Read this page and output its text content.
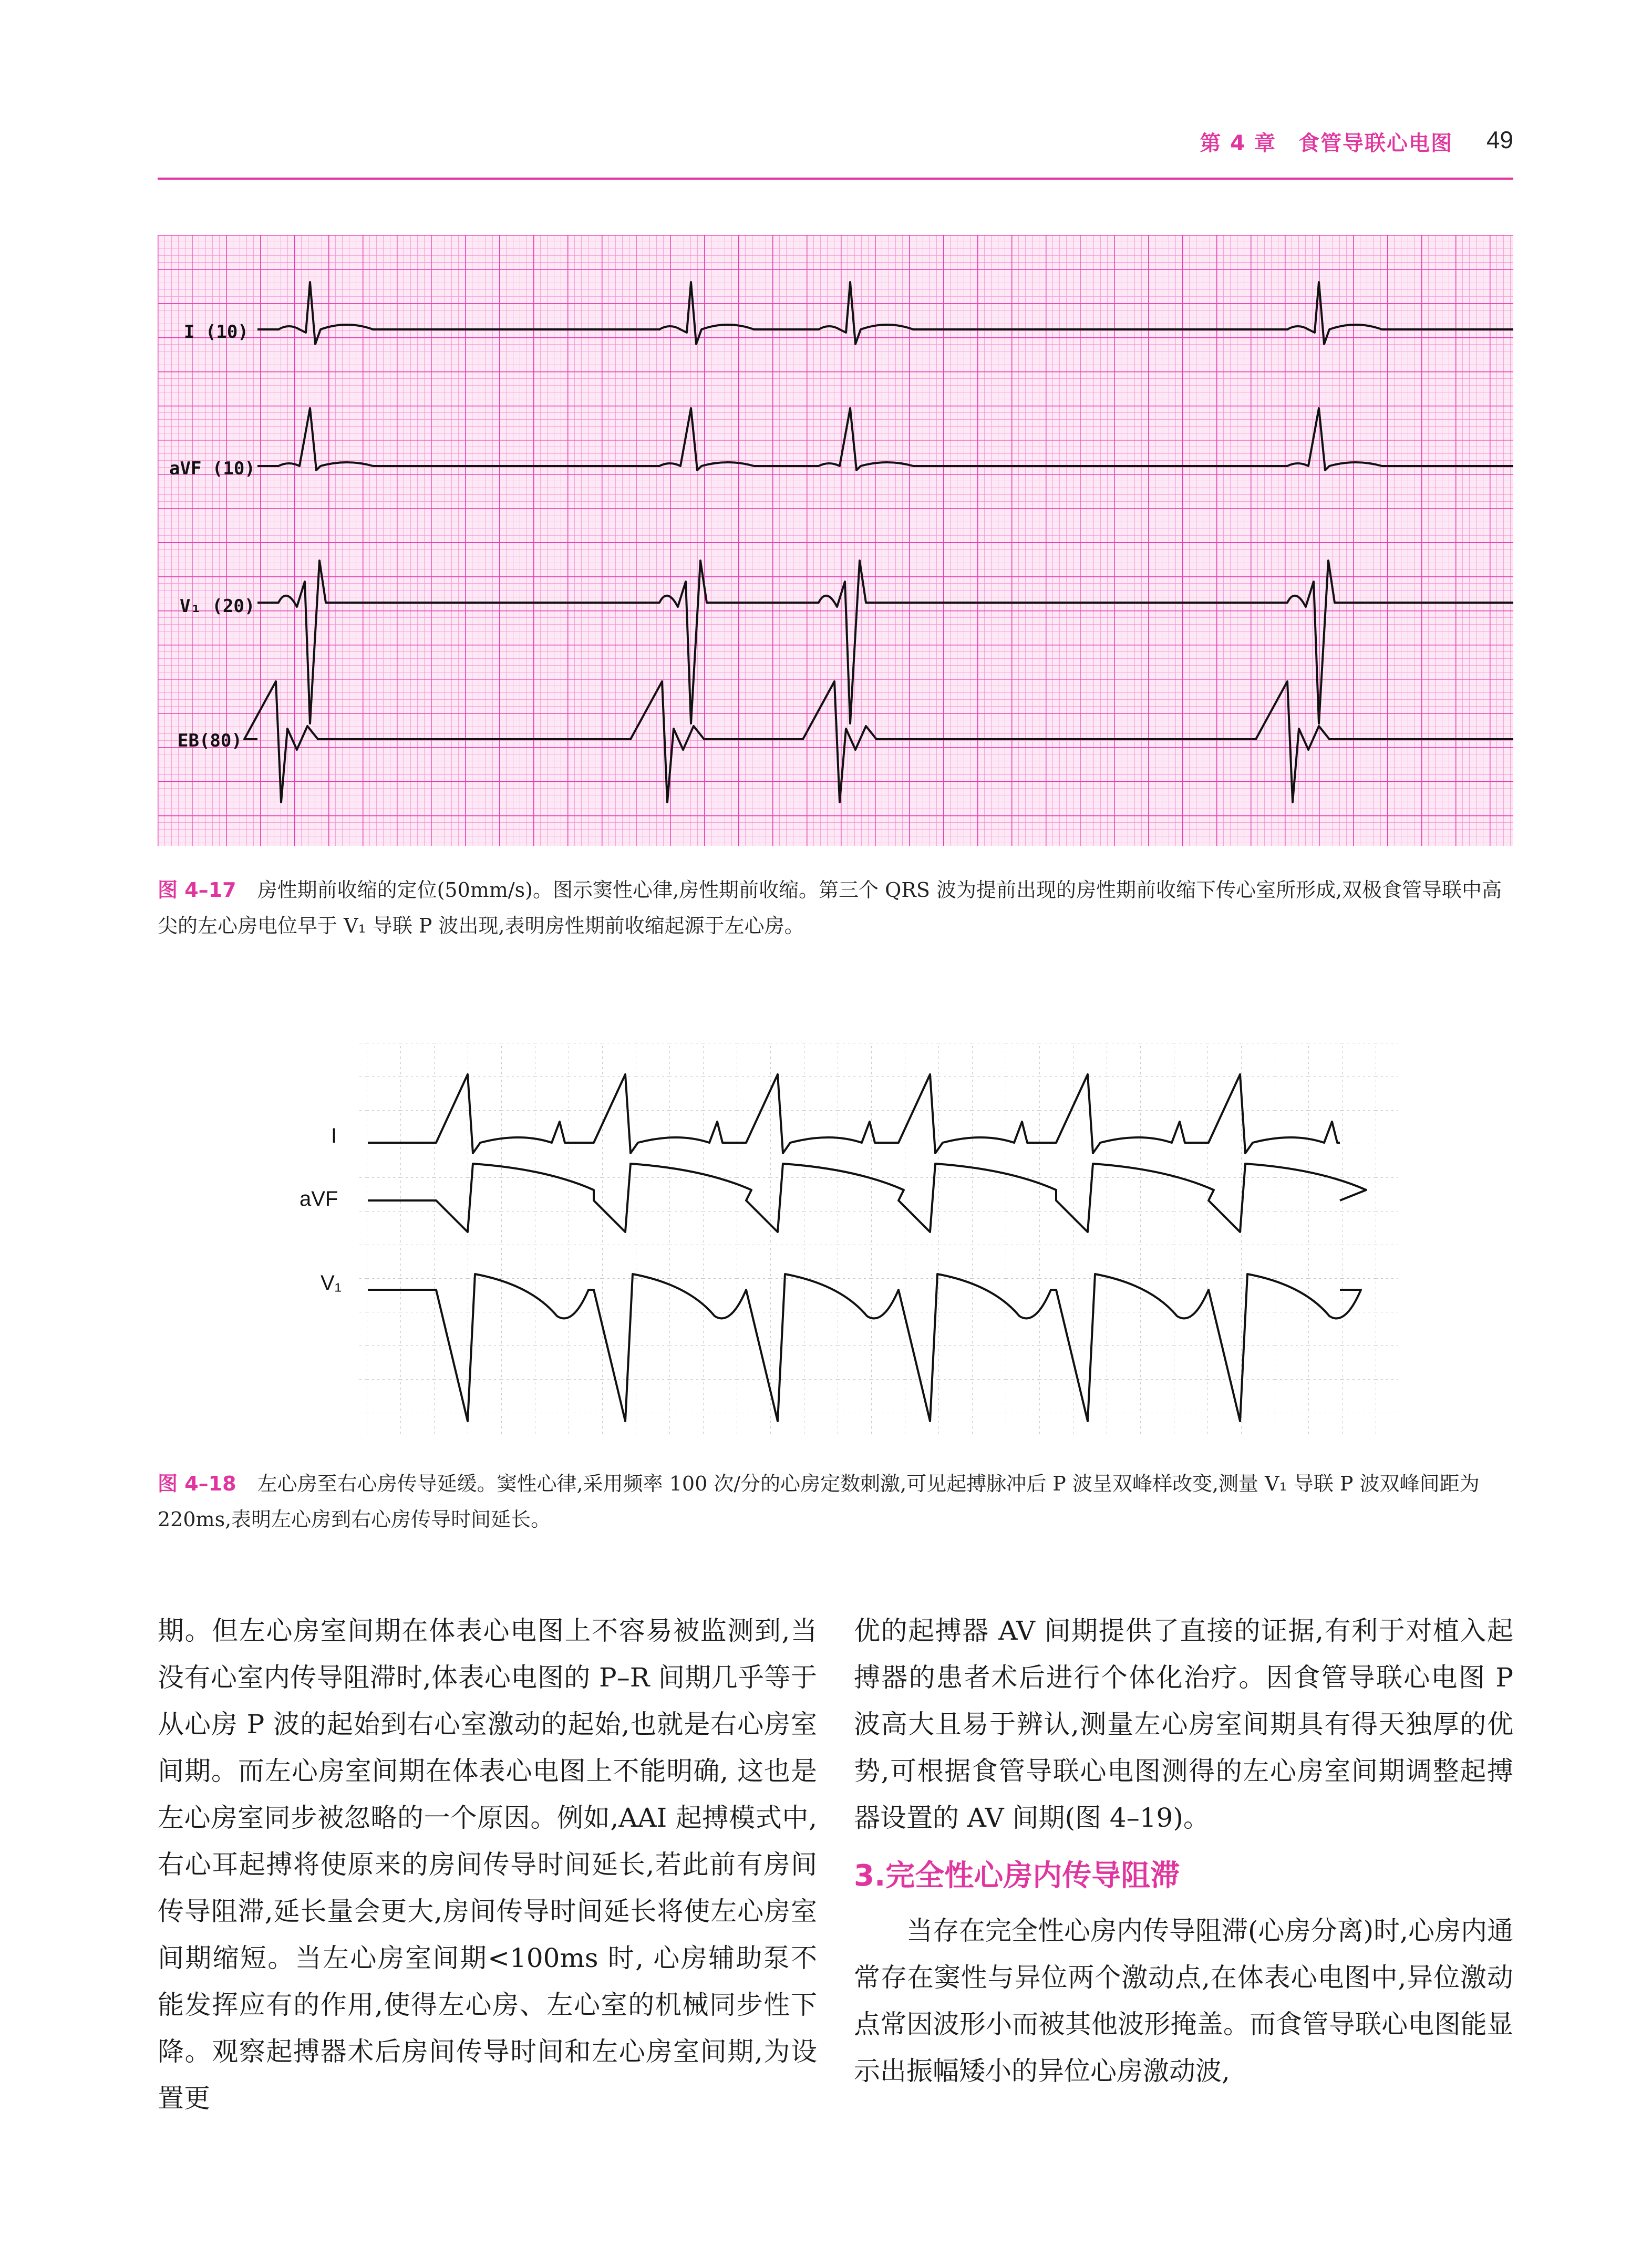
第 4 章　食管导联心电图 49
I (10)
aVF (10)
V₁ (20)
EB(80)
图 4–17 房性期前收缩的定位(50mm/s)。图示窦性心律,房性期前收缩。第三个 QRS 波为提前出现的房性期前收缩下传心室所形成,双极食管导联中高尖的左心房电位早于 V₁ 导联 P 波出现,表明房性期前收缩起源于左心房。
I
aVF
V₁
图 4–18 左心房至右心房传导延缓。窦性心律,采用频率 100 次/分的心房定数刺激,可见起搏脉冲后 P 波呈双峰样改变,测量 V₁ 导联 P 波双峰间距为 220ms,表明左心房到右心房传导时间延长。

期。但左心房室间期在体表心电图上不容易被监测到,当没有心室内传导阻滞时,体表心电图的 P–R 间期几乎等于从心房 P 波的起始到右心室激动的起始,也就是右心房室间期。而左心房室间期在体表心电图上不能明确, 这也是左心房室同步被忽略的一个原因。例如,AAI 起搏模式中,右心耳起搏将使原来的房间传导时间延长,若此前有房间传导阻滞,延长量会更大,房间传导时间延长将使左心房室间期缩短。当左心房室间期<100ms 时, 心房辅助泵不能发挥应有的作用,使得左心房、左心室的机械同步性下降。观察起搏器术后房间传导时间和左心房室间期,为设置更

优的起搏器 AV 间期提供了直接的证据,有利于对植入起搏器的患者术后进行个体化治疗。因食管导联心电图 P 波高大且易于辨认,测量左心房室间期具有得天独厚的优势,可根据食管导联心电图测得的左心房室间期调整起搏器设置的 AV 间期(图 4–19)。

3.完全性心房内传导阻滞

当存在完全性心房内传导阻滞(心房分离)时,心房内通常存在窦性与异位两个激动点,在体表心电图中,异位激动点常因波形小而被其他波形掩盖。而食管导联心电图能显示出振幅矮小的异位心房激动波,
